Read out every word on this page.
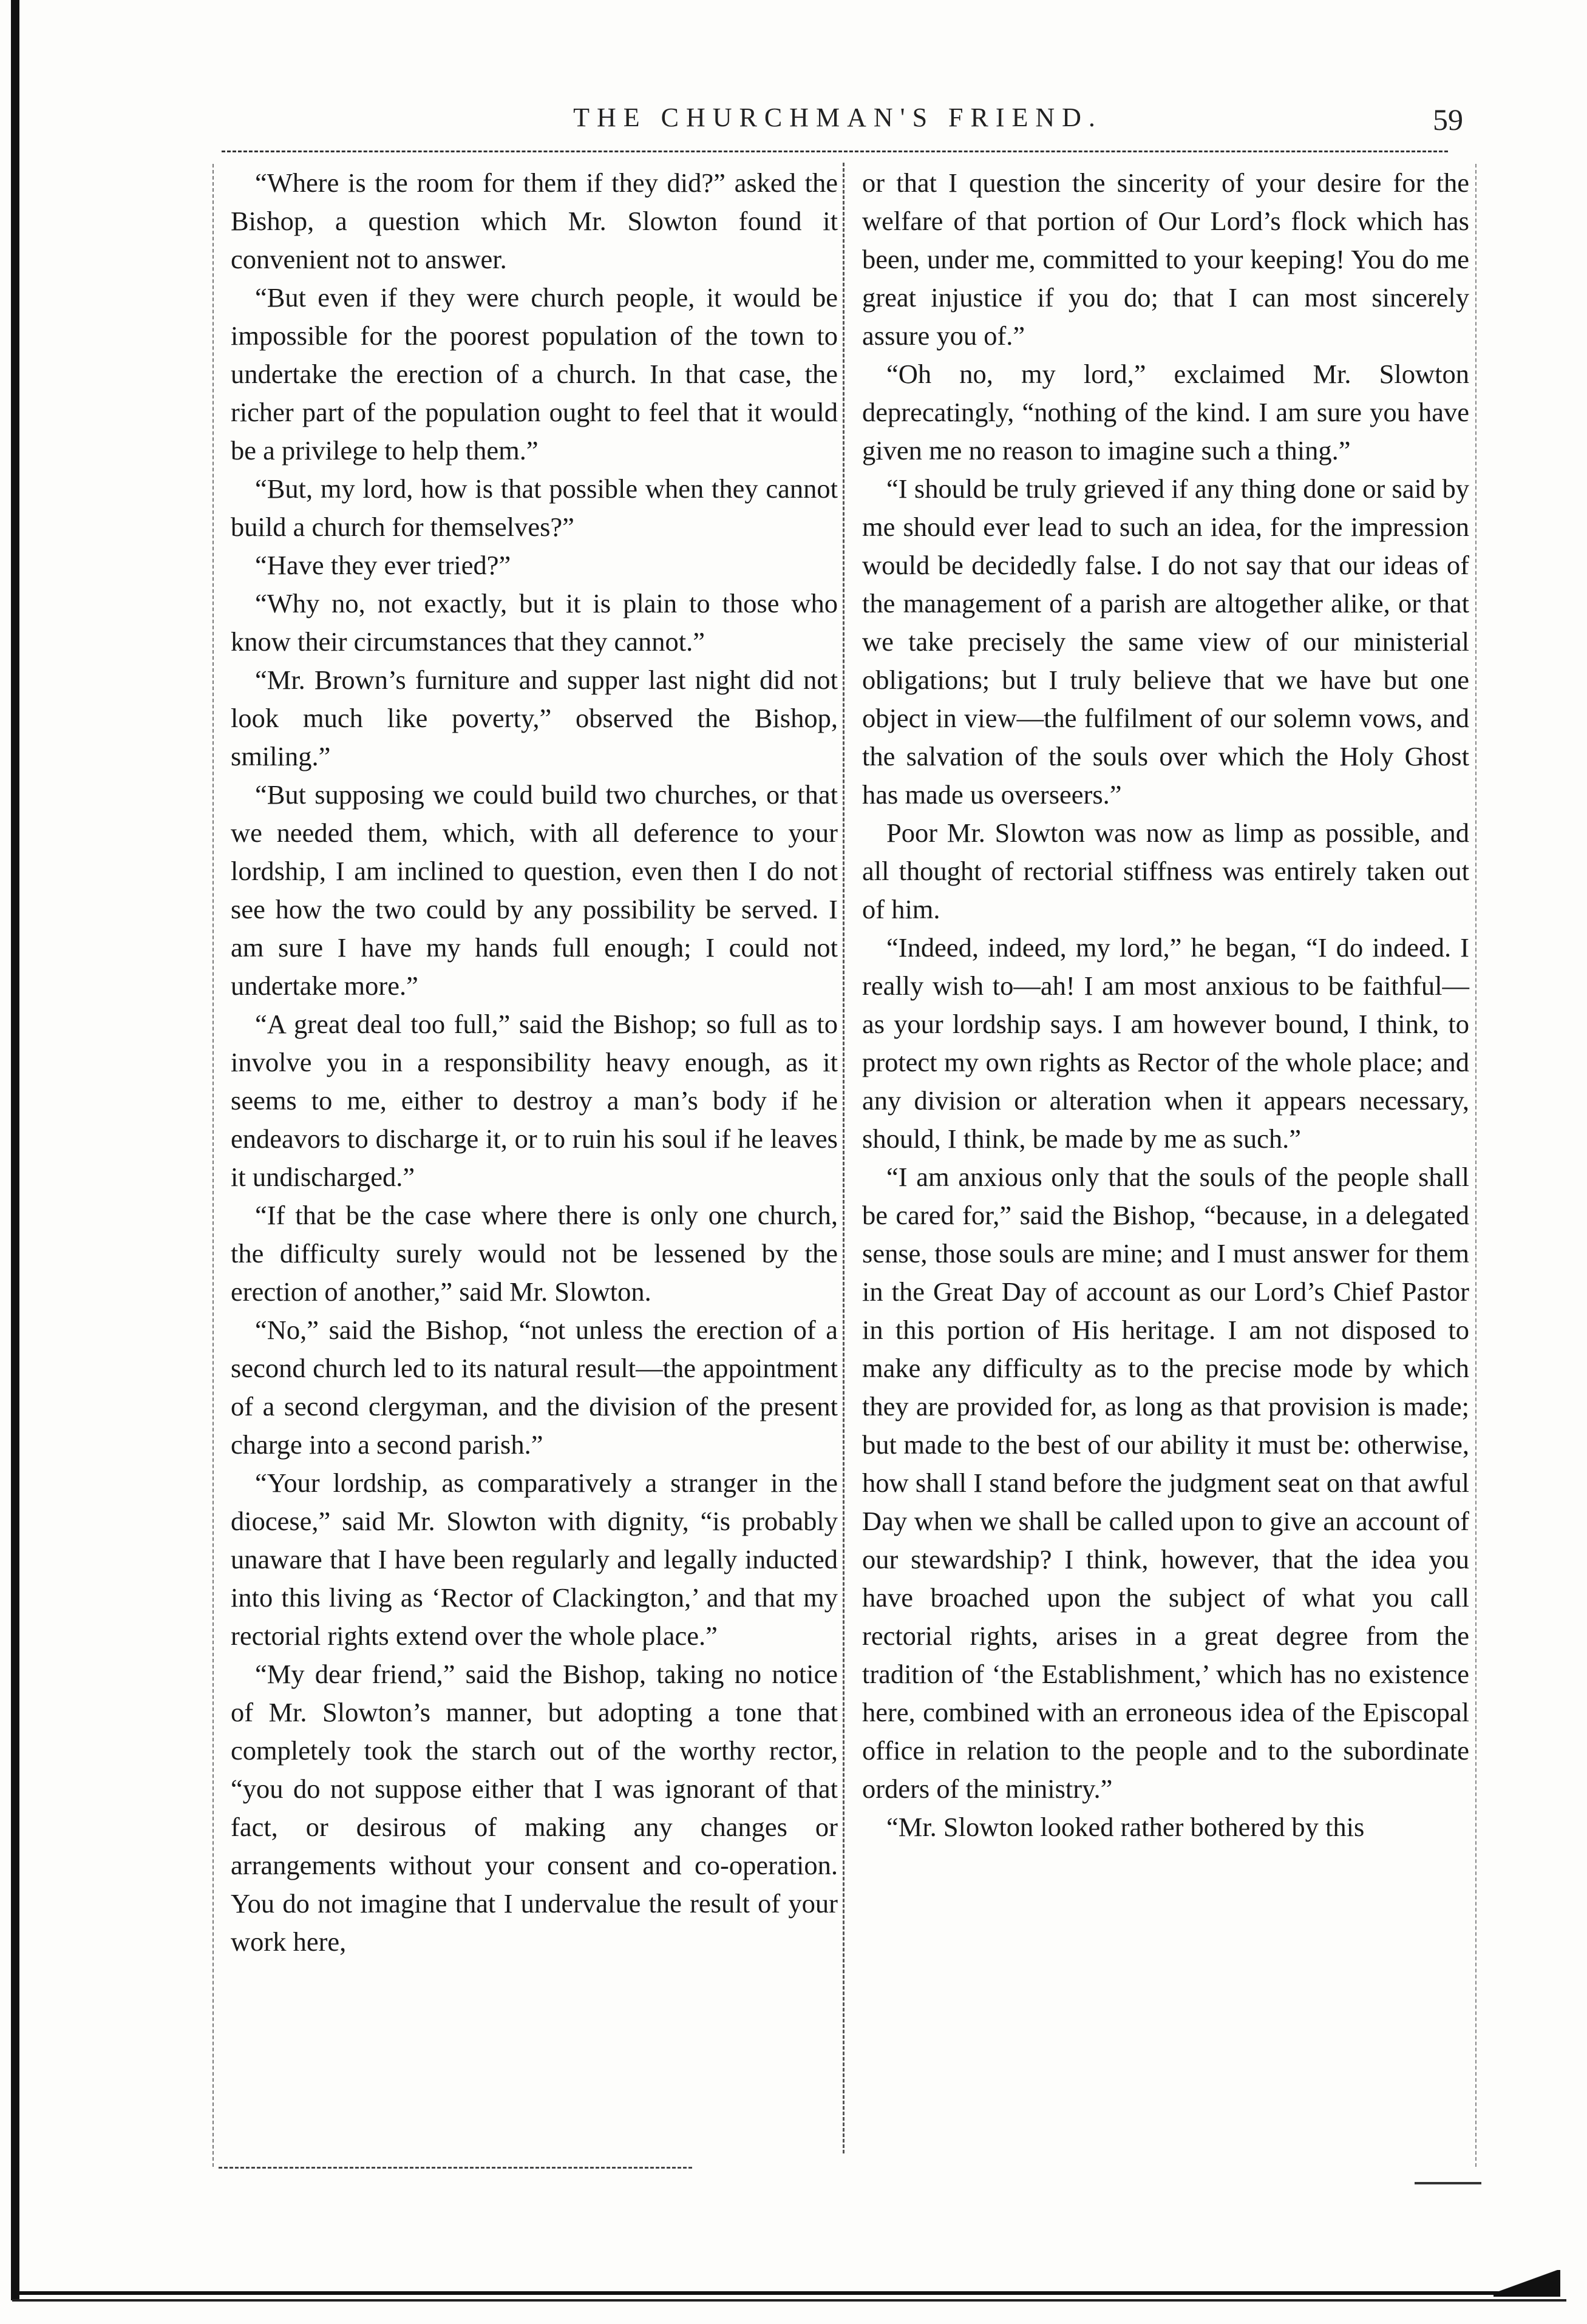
THE CHURCHMAN'S FRIEND.	59

“Where is the room for them if they did?” asked the Bishop, a question which Mr. Slowton found it convenient not to answer.

“But even if they were church people, it would be impossible for the poorest population of the town to undertake the erection of a church. In that case, the richer part of the population ought to feel that it would be a privilege to help them.”

“But, my lord, how is that possible when they cannot build a church for themselves?”

“Have they ever tried?”

“Why no, not exactly, but it is plain to those who know their circumstances that they cannot.”

“Mr. Brown’s furniture and supper last night did not look much like poverty,” observed the Bishop, smiling.”

“But supposing we could build two churches, or that we needed them, which, with all deference to your lordship, I am inclined to question, even then I do not see how the two could by any possibility be served. I am sure I have my hands full enough; I could not undertake more.”

“A great deal too full,” said the Bishop; so full as to involve you in a responsibility heavy enough, as it seems to me, either to destroy a man’s body if he endeavors to discharge it, or to ruin his soul if he leaves it undischarged.”

“If that be the case where there is only one church, the difficulty surely would not be lessened by the erection of another,” said Mr. Slowton.

“No,” said the Bishop, “not unless the erection of a second church led to its natural result—the appointment of a second clergyman, and the division of the present charge into a second parish.”

“Your lordship, as comparatively a stranger in the diocese,” said Mr. Slowton with dignity, “is probably unaware that I have been regularly and legally inducted into this living as ‘Rector of Clackington,’ and that my rectorial rights extend over the whole place.”

“My dear friend,” said the Bishop, taking no notice of Mr. Slowton’s manner, but adopting a tone that completely took the starch out of the worthy rector, “you do not suppose either that I was ignorant of that fact, or desirous of making any changes or arrangements without your consent and co-operation. You do not imagine that I undervalue the result of your work here,

or that I question the sincerity of your desire for the welfare of that portion of Our Lord’s flock which has been, under me, committed to your keeping! You do me great injustice if you do; that I can most sincerely assure you of.”

“Oh no, my lord,” exclaimed Mr. Slowton deprecatingly, “nothing of the kind. I am sure you have given me no reason to imagine such a thing.”

“I should be truly grieved if any thing done or said by me should ever lead to such an idea, for the impression would be decidedly false. I do not say that our ideas of the management of a parish are altogether alike, or that we take precisely the same view of our ministerial obligations; but I truly believe that we have but one object in view—the fulfilment of our solemn vows, and the salvation of the souls over which the Holy Ghost has made us overseers.”

Poor Mr. Slowton was now as limp as possible, and all thought of rectorial stiffness was entirely taken out of him.

“Indeed, indeed, my lord,” he began, “I do indeed. I really wish to—ah! I am most anxious to be faithful—as your lordship says. I am however bound, I think, to protect my own rights as Rector of the whole place; and any division or alteration when it appears necessary, should, I think, be made by me as such.”

“I am anxious only that the souls of the people shall be cared for,” said the Bishop, “because, in a delegated sense, those souls are mine; and I must answer for them in the Great Day of account as our Lord’s Chief Pastor in this portion of His heritage. I am not disposed to make any difficulty as to the precise mode by which they are provided for, as long as that provision is made; but made to the best of our ability it must be: otherwise, how shall I stand before the judgment seat on that awful Day when we shall be called upon to give an account of our stewardship? I think, however, that the idea you have broached upon the subject of what you call rectorial rights, arises in a great degree from the tradition of ‘the Establishment,’ which has no existence here, combined with an erroneous idea of the Episcopal office in relation to the people and to the subordinate orders of the ministry.”

“Mr. Slowton looked rather bothered by this
